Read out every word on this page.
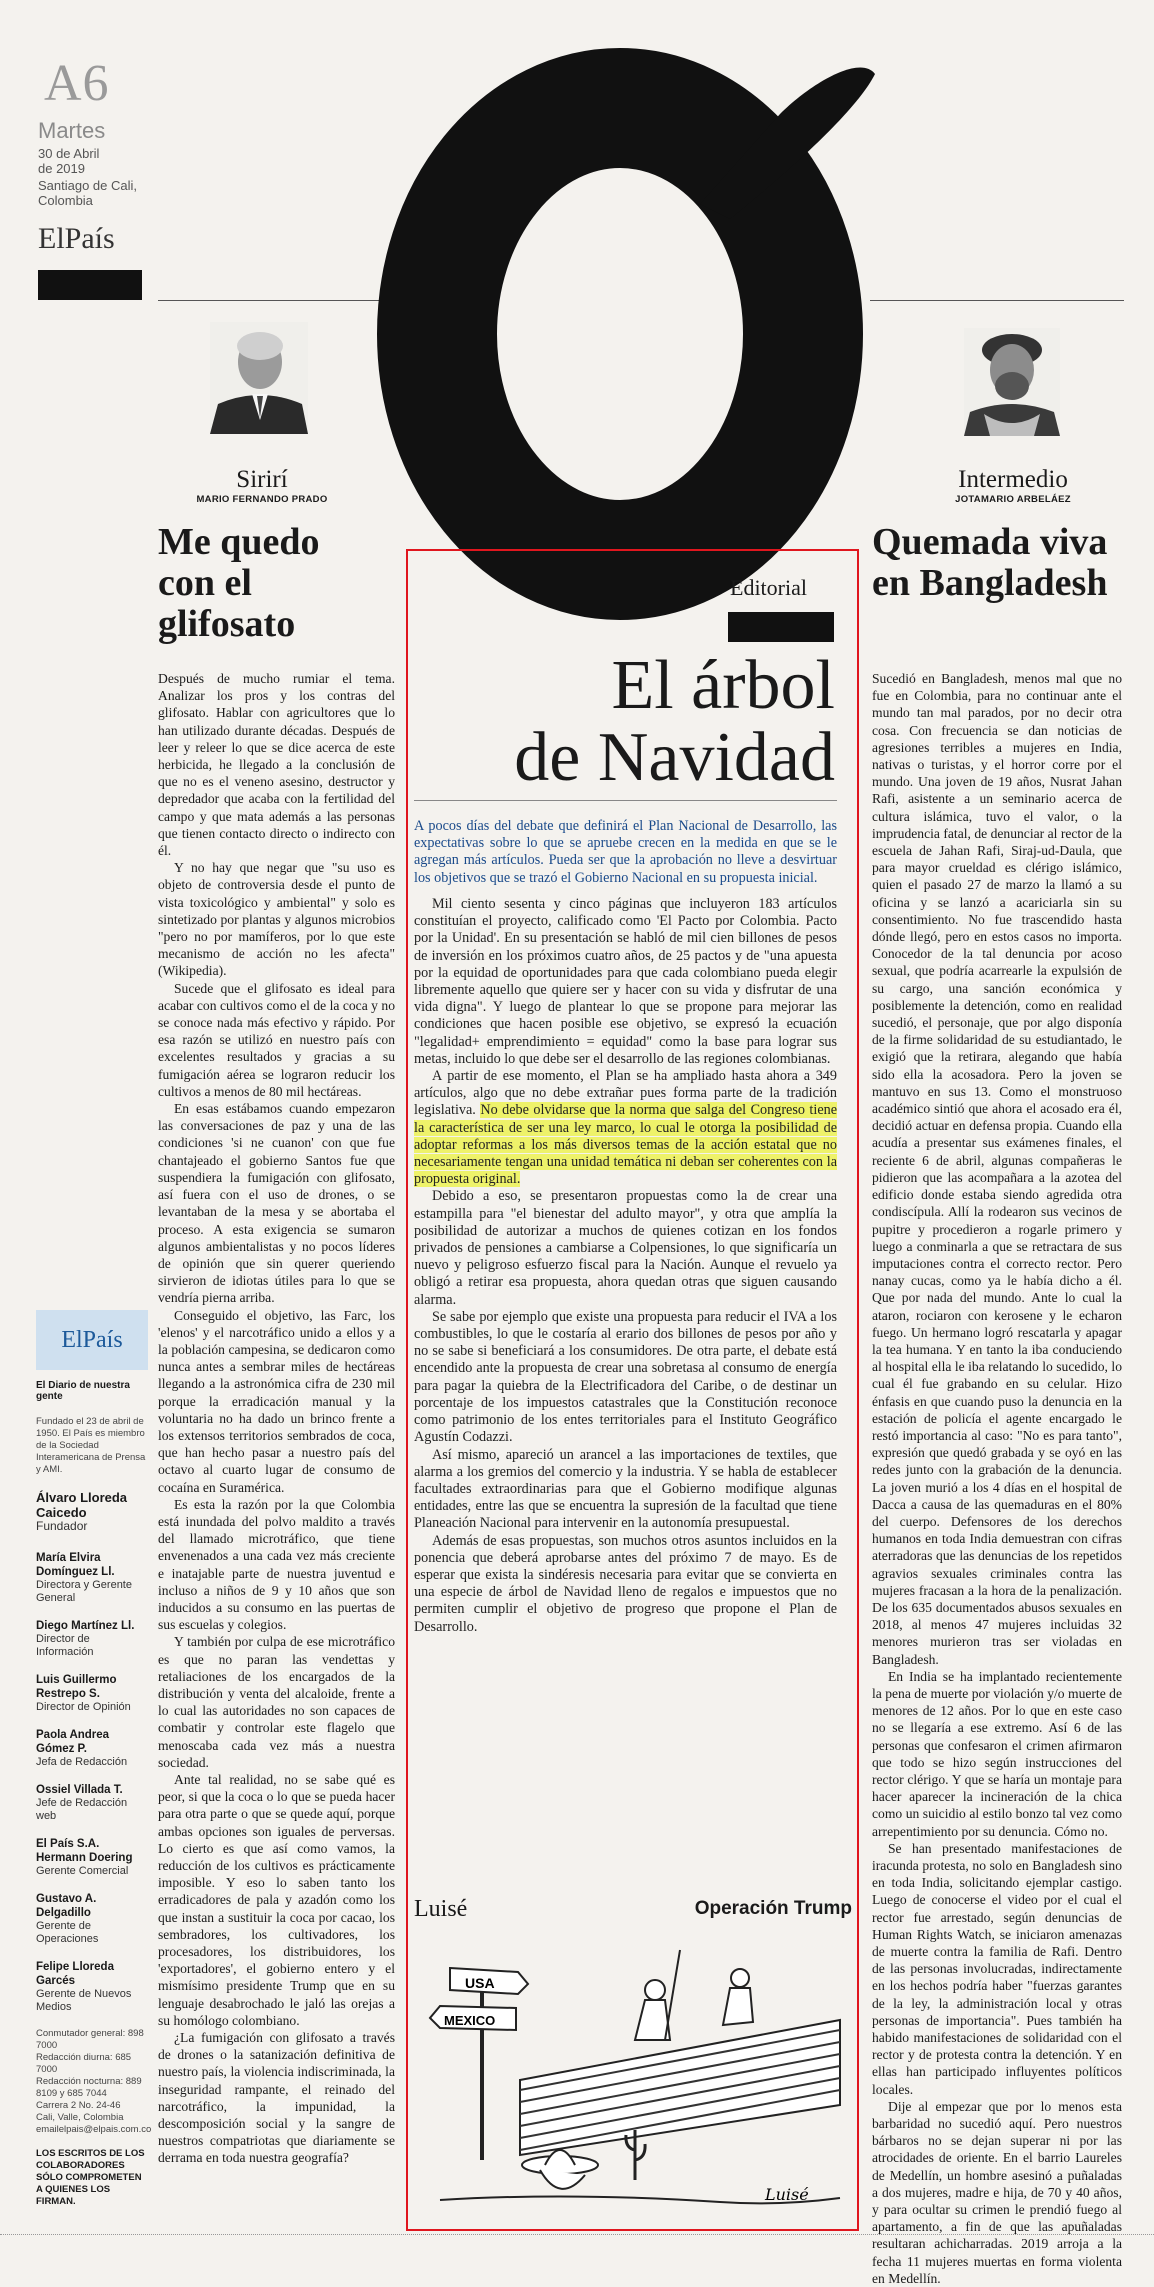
A6
Martes
30 de Abril
de 2019
Santiago de Cali,
Colombia
ElPaís
Sirirí
MARIO FERNANDO PRADO
Me quedo con el glifosato

Después de mucho rumiar el tema. Analizar los pros y los contras del glifosato. Hablar con agricultores que lo han utilizado durante décadas. Después de leer y releer lo que se dice acerca de este herbicida, he llegado a la conclusión de que no es el veneno asesino, destructor y depredador que acaba con la fertilidad del campo y que mata además a las personas que tienen contacto directo o indirecto con él.

Y no hay que negar que "su uso es objeto de controversia desde el punto de vista toxicológico y ambiental" y solo es sintetizado por plantas y algunos microbios "pero no por mamíferos, por lo que este mecanismo de acción no les afecta" (Wikipedia).

Sucede que el glifosato es ideal para acabar con cultivos como el de la coca y no se conoce nada más efectivo y rápido. Por esa razón se utilizó en nuestro país con excelentes resultados y gracias a su fumigación aérea se lograron reducir los cultivos a menos de 80 mil hectáreas.

En esas estábamos cuando empezaron las conversaciones de paz y una de las condiciones 'si ne cuanon' con que fue chantajeado el gobierno Santos fue que suspendiera la fumigación con glifosato, así fuera con el uso de drones, o se levantaban de la mesa y se abortaba el proceso. A esta exigencia se sumaron algunos ambientalistas y no pocos líderes de opinión que sin querer queriendo sirvieron de idiotas útiles para lo que se vendría pierna arriba.

Conseguido el objetivo, las Farc, los 'elenos' y el narcotráfico unido a ellos y a la población campesina, se dedicaron como nunca antes a sembrar miles de hectáreas llegando a la astronómica cifra de 230 mil porque la erradicación manual y la voluntaria no ha dado un brinco frente a los extensos territorios sembrados de coca, que han hecho pasar a nuestro país del octavo al cuarto lugar de consumo de cocaína en Suramérica.

Es esta la razón por la que Colombia está inundada del polvo maldito a través del llamado microtráfico, que tiene envenenados a una cada vez más creciente e inatajable parte de nuestra juventud e incluso a niños de 9 y 10 años que son inducidos a su consumo en las puertas de sus escuelas y colegios.

Y también por culpa de ese microtráfico es que no paran las vendettas y retaliaciones de los encargados de la distribución y venta del alcaloide, frente a lo cual las autoridades no son capaces de combatir y controlar este flagelo que menoscaba cada vez más a nuestra sociedad.

Ante tal realidad, no se sabe qué es peor, si que la coca o lo que se pueda hacer para otra parte o que se quede aquí, porque ambas opciones son iguales de perversas. Lo cierto es que así como vamos, la reducción de los cultivos es prácticamente imposible. Y eso lo saben tanto los erradicadores de pala y azadón como los que instan a sustituir la coca por cacao, los sembradores, los cultivadores, los procesadores, los distribuidores, los 'exportadores', el gobierno entero y el mismísimo presidente Trump que en su lenguaje desabrochado le jaló las orejas a su homólogo colombiano.

¿La fumigación con glifosato a través de drones o la satanización definitiva de nuestro país, la violencia indiscriminada, la inseguridad rampante, el reinado del narcotráfico, la impunidad, la descomposición social y la sangre de nuestros compatriotas que diariamente se derrama en toda nuestra geografía?

ElPaís
El Diario de nuestra gente
Fundado el 23 de abril de 1950. El País es miembro de la Sociedad Interamericana de Prensa y AMI.
Álvaro Lloreda Caicedo
Fundador
María Elvira Domínguez Ll.
Directora y Gerente General
Diego Martínez Ll.
Director de Información
Luis Guillermo Restrepo S.
Director de Opinión
Paola Andrea Gómez P.
Jefa de Redacción
Ossiel Villada T.
Jefe de Redacción web
El País S.A. Hermann Doering
Gerente Comercial
Gustavo A. Delgadillo
Gerente de Operaciones
Felipe Lloreda Garcés
Gerente de Nuevos Medios
Conmutador general: 898 7000
Redacción diurna: 685 7000
Redacción nocturna: 889 8109 y 685 7044
Carrera 2 No. 24-46
Cali, Valle, Colombia
emailelpais@elpais.com.co
LOS ESCRITOS DE LOS COLABORADORES SÓLO COMPROMETEN A QUIENES LOS FIRMAN.
Editorial
El árbol
de Navidad
A pocos días del debate que definirá el Plan Nacional de Desarrollo, las expectativas sobre lo que se apruebe crecen en la medida en que se le agregan más artículos. Pueda ser que la aprobación no lleve a desvirtuar los objetivos que se trazó el Gobierno Nacional en su propuesta inicial.

Mil ciento sesenta y cinco páginas que incluyeron 183 artículos constituían el proyecto, calificado como 'El Pacto por Colombia. Pacto por la Unidad'. En su presentación se habló de mil cien billones de pesos de inversión en los próximos cuatro años, de 25 pactos y de "una apuesta por la equidad de oportunidades para que cada colombiano pueda elegir libremente aquello que quiere ser y hacer con su vida y disfrutar de una vida digna". Y luego de plantear lo que se propone para mejorar las condiciones que hacen posible ese objetivo, se expresó la ecuación "legalidad+ emprendimiento = equidad" como la base para lograr sus metas, incluido lo que debe ser el desarrollo de las regiones colombianas.

A partir de ese momento, el Plan se ha ampliado hasta ahora a 349 artículos, algo que no debe extrañar pues forma parte de la tradición legislativa. No debe olvidarse que la norma que salga del Congreso tiene la característica de ser una ley marco, lo cual le otorga la posibilidad de adoptar reformas a los más diversos temas de la acción estatal que no necesariamente tengan una unidad temática ni deban ser coherentes con la propuesta original.

Debido a eso, se presentaron propuestas como la de crear una estampilla para "el bienestar del adulto mayor", y otra que amplía la posibilidad de autorizar a muchos de quienes cotizan en los fondos privados de pensiones a cambiarse a Colpensiones, lo que significaría un nuevo y peligroso esfuerzo fiscal para la Nación. Aunque el revuelo ya obligó a retirar esa propuesta, ahora quedan otras que siguen causando alarma.

Se sabe por ejemplo que existe una propuesta para reducir el IVA a los combustibles, lo que le costaría al erario dos billones de pesos por año y no se sabe si beneficiará a los consumidores. De otra parte, el debate está encendido ante la propuesta de crear una sobretasa al consumo de energía para pagar la quiebra de la Electrificadora del Caribe, o de destinar un porcentaje de los impuestos catastrales que la Constitución reconoce como patrimonio de los entes territoriales para el Instituto Geográfico Agustín Codazzi.

Así mismo, apareció un arancel a las importaciones de textiles, que alarma a los gremios del comercio y la industria. Y se habla de establecer facultades extraordinarias para que el Gobierno modifique algunas entidades, entre las que se encuentra la supresión de la facultad que tiene Planeación Nacional para intervenir en la autonomía presupuestal.

Además de esas propuestas, son muchos otros asuntos incluidos en la ponencia que deberá aprobarse antes del próximo 7 de mayo. Es de esperar que exista la sindéresis necesaria para evitar que se convierta en una especie de árbol de Navidad lleno de regalos e impuestos que no permiten cumplir el objetivo de progreso que propone el Plan de Desarrollo.

Luisé	Operación Trump
USA
MEXICO
Luisé
Intermedio
JOTAMARIO ARBELÁEZ
Quemada viva en Bangladesh

Sucedió en Bangladesh, menos mal que no fue en Colombia, para no continuar ante el mundo tan mal parados, por no decir otra cosa. Con frecuencia se dan noticias de agresiones terribles a mujeres en India, nativas o turistas, y el horror corre por el mundo. Una joven de 19 años, Nusrat Jahan Rafi, asistente a un seminario acerca de cultura islámica, tuvo el valor, o la imprudencia fatal, de denunciar al rector de la escuela de Jahan Rafi, Siraj-ud-Daula, que para mayor crueldad es clérigo islámico, quien el pasado 27 de marzo la llamó a su oficina y se lanzó a acariciarla sin su consentimiento. No fue trascendido hasta dónde llegó, pero en estos casos no importa. Conocedor de la tal denuncia por acoso sexual, que podría acarrearle la expulsión de su cargo, una sanción económica y posiblemente la detención, como en realidad sucedió, el personaje, que por algo disponía de la firme solidaridad de su estudiantado, le exigió que la retirara, alegando que había sido ella la acosadora. Pero la joven se mantuvo en sus 13. Como el monstruoso académico sintió que ahora el acosado era él, decidió actuar en defensa propia. Cuando ella acudía a presentar sus exámenes finales, el reciente 6 de abril, algunas compañeras le pidieron que las acompañara a la azotea del edificio donde estaba siendo agredida otra condiscípula. Allí la rodearon sus vecinos de pupitre y procedieron a rogarle primero y luego a conminarla a que se retractara de sus imputaciones contra el correcto rector. Pero nanay cucas, como ya le había dicho a él. Que por nada del mundo. Ante lo cual la ataron, rociaron con kerosene y le echaron fuego. Un hermano logró rescatarla y apagar la tea humana. Y en tanto la iba conduciendo al hospital ella le iba relatando lo sucedido, lo cual él fue grabando en su celular. Hizo énfasis en que cuando puso la denuncia en la estación de policía el agente encargado le restó importancia al caso: "No es para tanto", expresión que quedó grabada y se oyó en las redes junto con la grabación de la denuncia. La joven murió a los 4 días en el hospital de Dacca a causa de las quemaduras en el 80% del cuerpo. Defensores de los derechos humanos en toda India demuestran con cifras aterradoras que las denuncias de los repetidos agravios sexuales criminales contra las mujeres fracasan a la hora de la penalización. De los 635 documentados abusos sexuales en 2018, al menos 47 mujeres incluidas 32 menores murieron tras ser violadas en Bangladesh.

En India se ha implantado recientemente la pena de muerte por violación y/o muerte de menores de 12 años. Por lo que en este caso no se llegaría a ese extremo. Así 6 de las personas que confesaron el crimen afirmaron que todo se hizo según instrucciones del rector clérigo. Y que se haría un montaje para hacer aparecer la incineración de la chica como un suicidio al estilo bonzo tal vez como arrepentimiento por su denuncia. Cómo no.

Se han presentado manifestaciones de iracunda protesta, no solo en Bangladesh sino en toda India, solicitando ejemplar castigo. Luego de conocerse el video por el cual el rector fue arrestado, según denuncias de Human Rights Watch, se iniciaron amenazas de muerte contra la familia de Rafi. Dentro de las personas involucradas, indirectamente en los hechos podría haber "fuerzas garantes de la ley, la administración local y otras personas de importancia". Pues también ha habido manifestaciones de solidaridad con el rector y de protesta contra la detención. Y en ellas han participado influyentes políticos locales.

Dije al empezar que por lo menos esta barbaridad no sucedió aquí. Pero nuestros bárbaros no se dejan superar ni por las atrocidades de oriente. En el barrio Laureles de Medellín, un hombre asesinó a puñaladas a dos mujeres, madre e hija, de 70 y 40 años, y para ocultar su crimen le prendió fuego al apartamento, a fin de que las apuñaladas resultaran achicharradas. 2019 arroja a la fecha 11 mujeres muertas en forma violenta en Medellín.
